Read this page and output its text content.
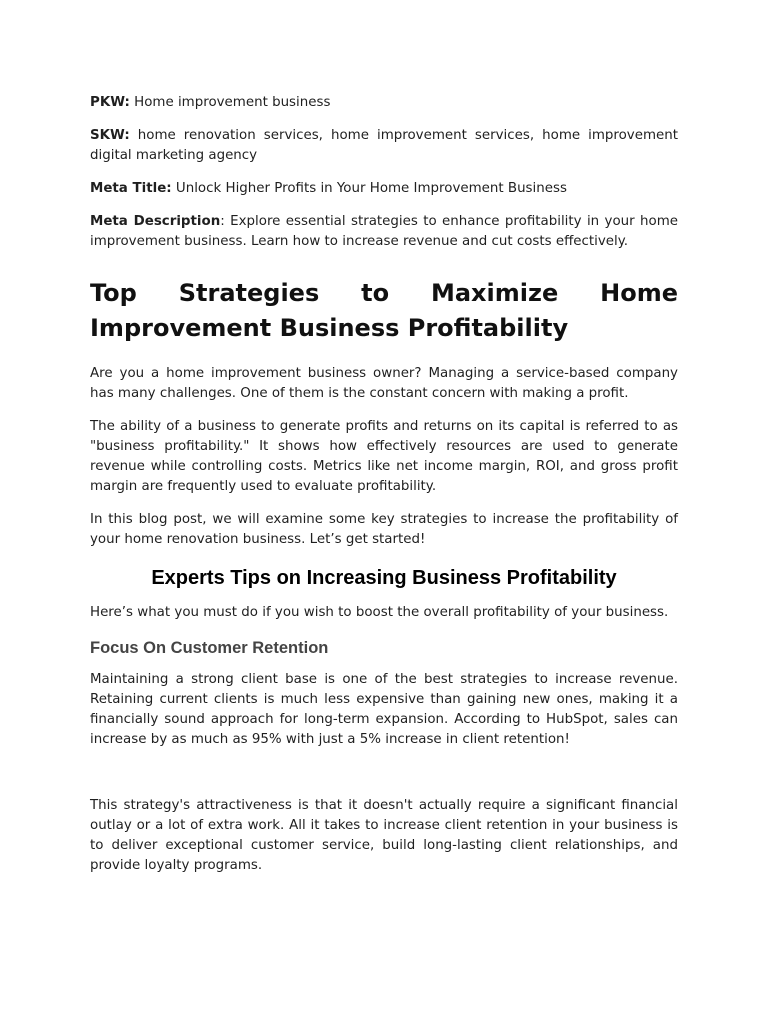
PKW: Home improvement business

SKW: home renovation services, home improvement services, home improvement digital marketing agency

Meta Title: Unlock Higher Profits in Your Home Improvement Business

Meta Description: Explore essential strategies to enhance profitability in your home improvement business. Learn how to increase revenue and cut costs effectively.

Top Strategies to Maximize Home Improvement Business Profitability

Are you a home improvement business owner? Managing a service-based company has many challenges. One of them is the constant concern with making a profit.

The ability of a business to generate profits and returns on its capital is referred to as "business profitability." It shows how effectively resources are used to generate revenue while controlling costs. Metrics like net income margin, ROI, and gross profit margin are frequently used to evaluate profitability.

In this blog post, we will examine some key strategies to increase the profitability of your home renovation business. Let’s get started!

Experts Tips on Increasing Business Profitability

Here’s what you must do if you wish to boost the overall profitability of your business.

Focus On Customer Retention

Maintaining a strong client base is one of the best strategies to increase revenue. Retaining current clients is much less expensive than gaining new ones, making it a financially sound approach for long-term expansion. According to HubSpot, sales can increase by as much as 95% with just a 5% increase in client retention!

This strategy's attractiveness is that it doesn't actually require a significant financial outlay or a lot of extra work. All it takes to increase client retention in your business is to deliver exceptional customer service, build long-lasting client relationships, and provide loyalty programs.
